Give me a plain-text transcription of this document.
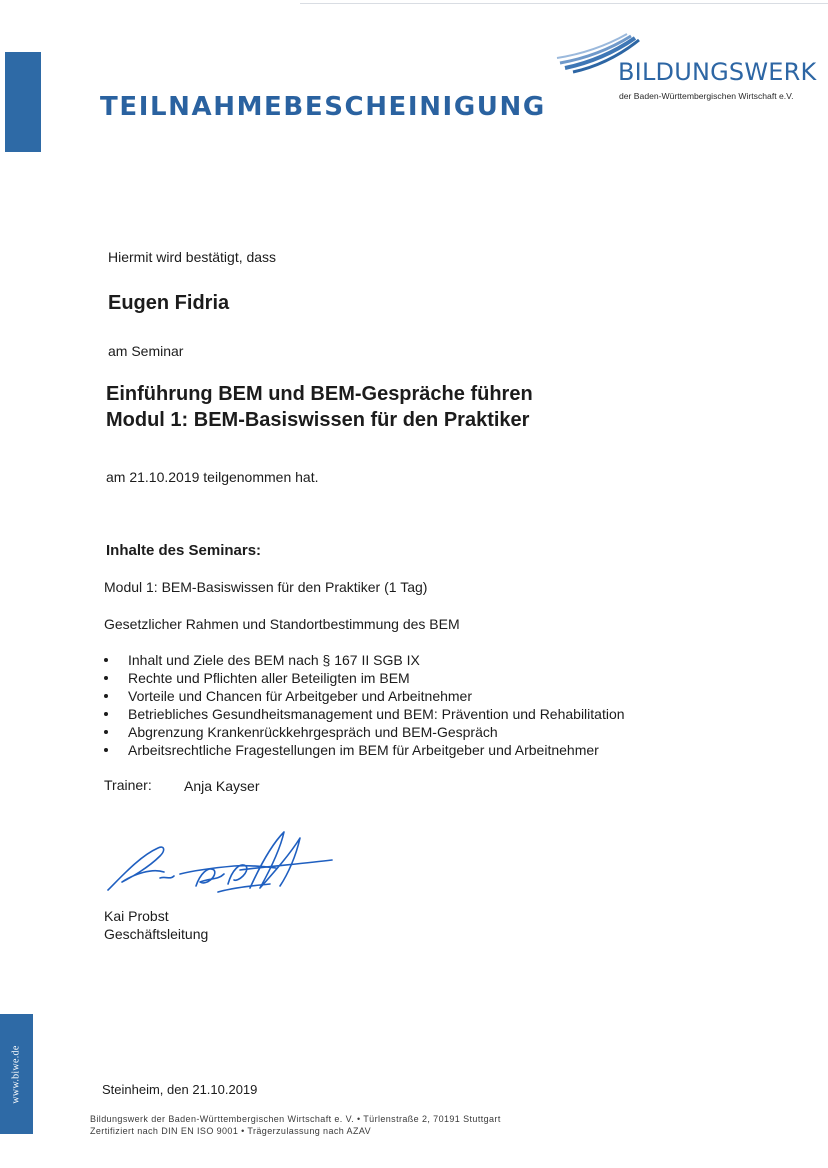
www.biwe.de
TEILNAHMEBESCHEINIGUNG
BILDUNGSWERK
der Baden-Württembergischen Wirtschaft e.V.
Hiermit wird bestätigt, dass
Eugen Fidria
am Seminar
Einführung BEM und BEM-Gespräche führen
Modul 1: BEM-Basiswissen für den Praktiker
am 21.10.2019 teilgenommen hat.
Inhalte des Seminars:
Modul 1: BEM-Basiswissen für den Praktiker (1 Tag)
Gesetzlicher Rahmen und Standortbestimmung des BEM
Inhalt und Ziele des BEM nach § 167 II SGB IX
Rechte und Pflichten aller Beteiligten im BEM
Vorteile und Chancen für Arbeitgeber und Arbeitnehmer
Betriebliches Gesundheitsmanagement und BEM: Prävention und Rehabilitation
Abgrenzung Krankenrückkehrgespräch und BEM-Gespräch
Arbeitsrechtliche Fragestellungen im BEM für Arbeitgeber und Arbeitnehmer
Trainer: Anja Kayser
Kai Probst
Geschäftsleitung
Steinheim, den 21.10.2019
Bildungswerk der Baden-Württembergischen Wirtschaft e. V. • Türlenstraße 2, 70191 Stuttgart
Zertifiziert nach DIN EN ISO 9001 • Trägerzulassung nach AZAV
